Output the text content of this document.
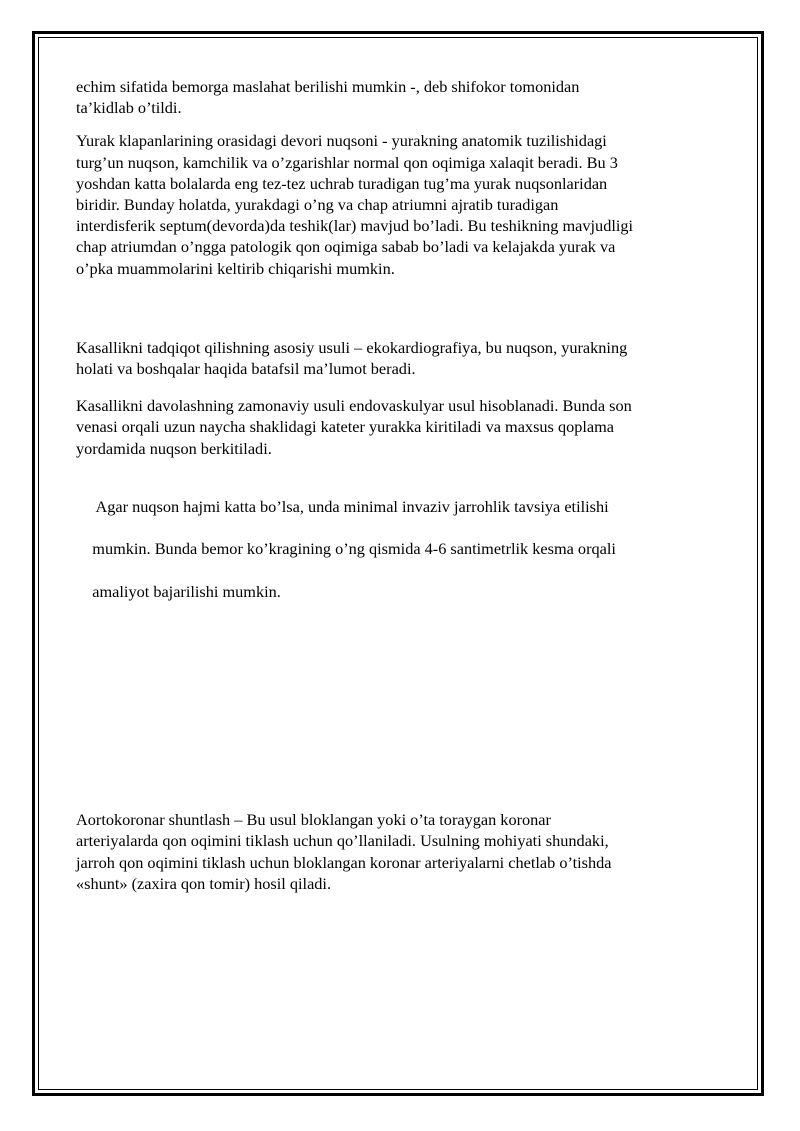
echim sifatida bemorga maslahat berilishi mumkin -, deb shifokor tomonidan
ta’kidlab o’tildi.

Yurak klapanlarining orasidagi devori nuqsoni - yurakning anatomik tuzilishidagi
turg’un nuqson, kamchilik va o’zgarishlar normal qon oqimiga xalaqit beradi. Bu 3
yoshdan katta bolalarda eng tez-tez uchrab turadigan tug’ma yurak nuqsonlaridan
biridir. Bunday holatda, yurakdagi o’ng va chap atriumni ajratib turadigan
interdisferik septum(devorda)da teshik(lar) mavjud bo’ladi. Bu teshikning mavjudligi
chap atriumdan o’ngga patologik qon oqimiga sabab bo’ladi va kelajakda yurak va
o’pka muammolarini keltirib chiqarishi mumkin.

Kasallikni tadqiqot qilishning asosiy usuli – ekokardiografiya, bu nuqson, yurakning
holati va boshqalar haqida batafsil ma’lumot beradi.

Kasallikni davolashning zamonaviy usuli endovaskulyar usul hisoblanadi. Bunda son
venasi orqali uzun naycha shaklidagi kateter yurakka kiritiladi va maxsus qoplama
yordamida nuqson berkitiladi.

Agar nuqson hajmi katta bo’lsa, unda minimal invaziv jarrohlik tavsiya etilishi

mumkin. Bunda bemor ko’kragining o’ng qismida 4-6 santimetrlik kesma orqali

amaliyot bajarilishi mumkin.

Aortokoronar shuntlash – Bu usul bloklangan yoki o’ta toraygan koronar
arteriyalarda qon oqimini tiklash uchun qo’llaniladi. Usulning mohiyati shundaki,
jarroh qon oqimini tiklash uchun bloklangan koronar arteriyalarni chetlab o’tishda
«shunt» (zaxira qon tomir) hosil qiladi.
